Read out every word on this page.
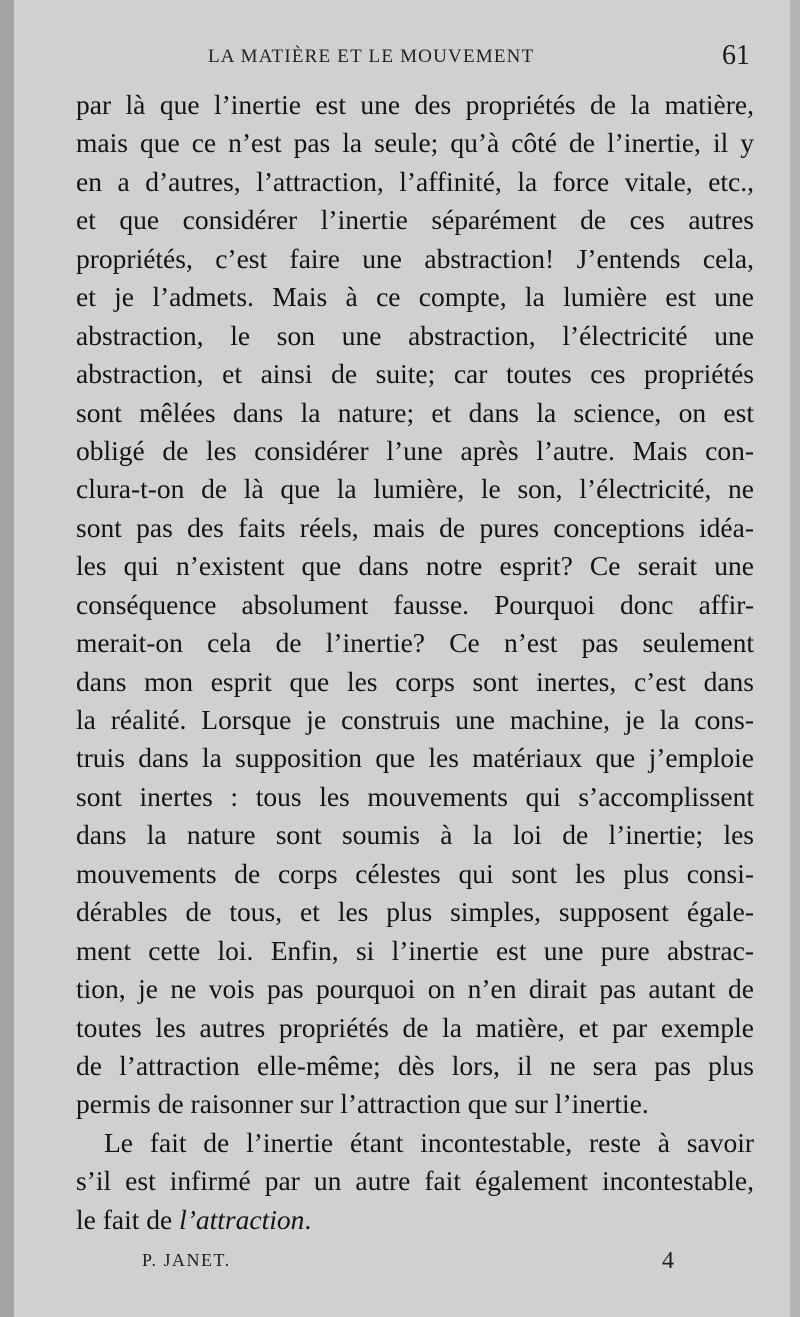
LA MATIÈRE ET LE MOUVEMENT	61
par là que l’inertie est une des propriétés de la matière,
mais que ce n’est pas la seule; qu’à côté de l’inertie, il y
en a d’autres, l’attraction, l’affinité, la force vitale, etc.,
et que considérer l’inertie séparément de ces autres
propriétés, c’est faire une abstraction! J’entends cela,
et je l’admets. Mais à ce compte, la lumière est une
abstraction, le son une abstraction, l’électricité une
abstraction, et ainsi de suite; car toutes ces propriétés
sont mêlées dans la nature; et dans la science, on est
obligé de les considérer l’une après l’autre. Mais con-
clura-t-on de là que la lumière, le son, l’électricité, ne
sont pas des faits réels, mais de pures conceptions idéa-
les qui n’existent que dans notre esprit? Ce serait une
conséquence absolument fausse. Pourquoi donc affir-
merait-on cela de l’inertie? Ce n’est pas seulement
dans mon esprit que les corps sont inertes, c’est dans
la réalité. Lorsque je construis une machine, je la cons-
truis dans la supposition que les matériaux que j’emploie
sont inertes : tous les mouvements qui s’accomplissent
dans la nature sont soumis à la loi de l’inertie; les
mouvements de corps célestes qui sont les plus consi-
dérables de tous, et les plus simples, supposent égale-
ment cette loi. Enfin, si l’inertie est une pure abstrac-
tion, je ne vois pas pourquoi on n’en dirait pas autant de
toutes les autres propriétés de la matière, et par exemple
de l’attraction elle-même; dès lors, il ne sera pas plus
permis de raisonner sur l’attraction que sur l’inertie.
Le fait de l’inertie étant incontestable, reste à savoir
s’il est infirmé par un autre fait également incontestable,
le fait de l’attraction.
P. JANET.	4
